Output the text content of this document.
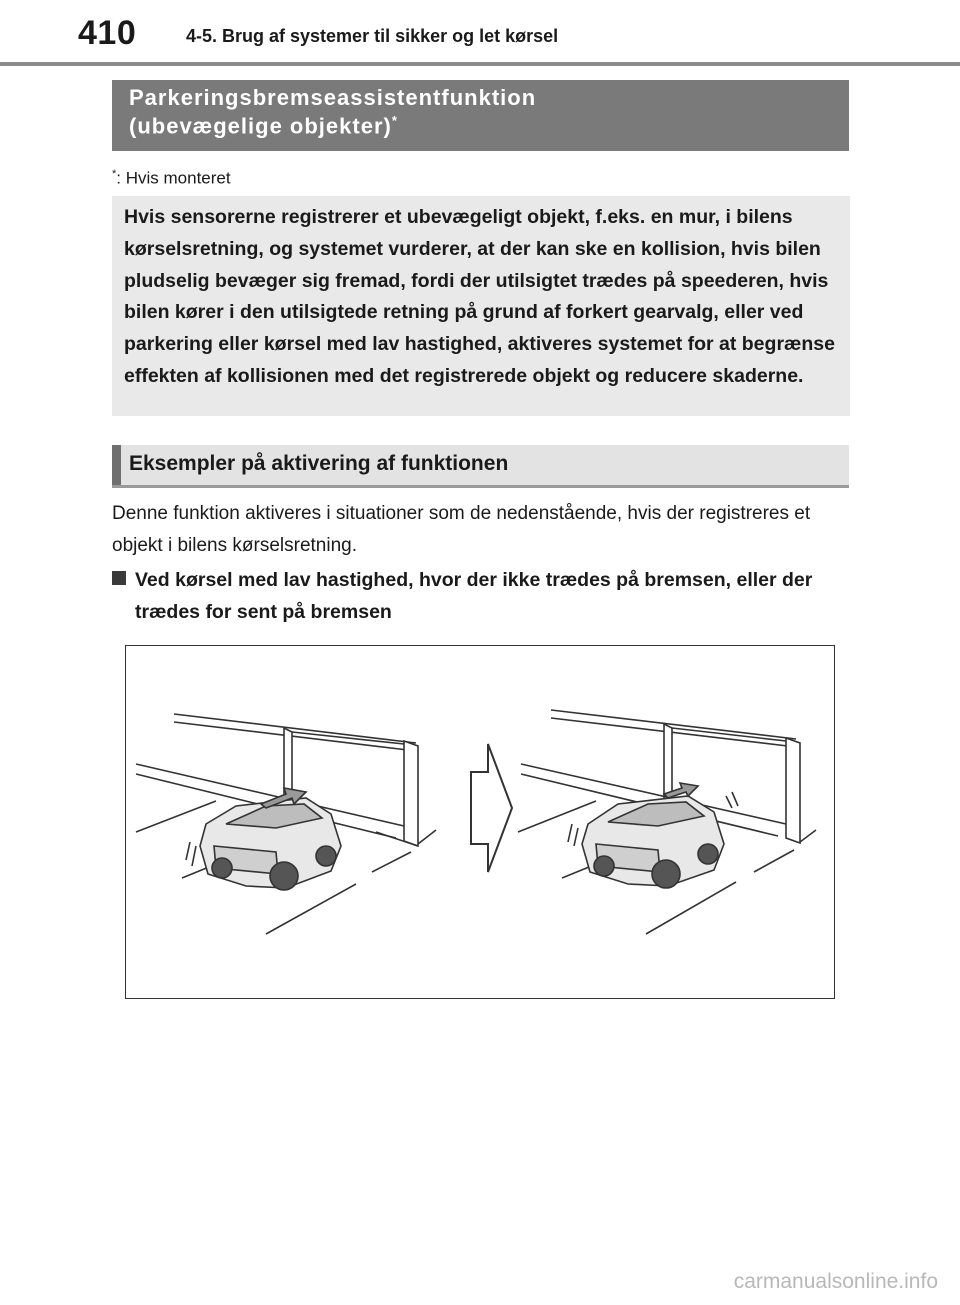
410	4-5. Brug af systemer til sikker og let kørsel
Parkeringsbremseassistentfunktion
(ubevægelige objekter)*
*: Hvis monteret
Hvis sensorerne registrerer et ubevægeligt objekt, f.eks. en mur, i bilens kørselsretning, og systemet vurderer, at der kan ske en kollision, hvis bilen pludselig bevæger sig fremad, fordi der utilsigtet trædes på speederen, hvis bilen kører i den utilsigtede retning på grund af forkert gearvalg, eller ved parkering eller kørsel med lav hastighed, aktiveres systemet for at begrænse effekten af kollisionen med det registrerede objekt og reducere skaderne.
Eksempler på aktivering af funktionen
Denne funktion aktiveres i situationer som de nedenstående, hvis der registreres et objekt i bilens kørselsretning.
Ved kørsel med lav hastighed, hvor der ikke trædes på bremsen, eller der trædes for sent på bremsen
carmanualsonline.info
